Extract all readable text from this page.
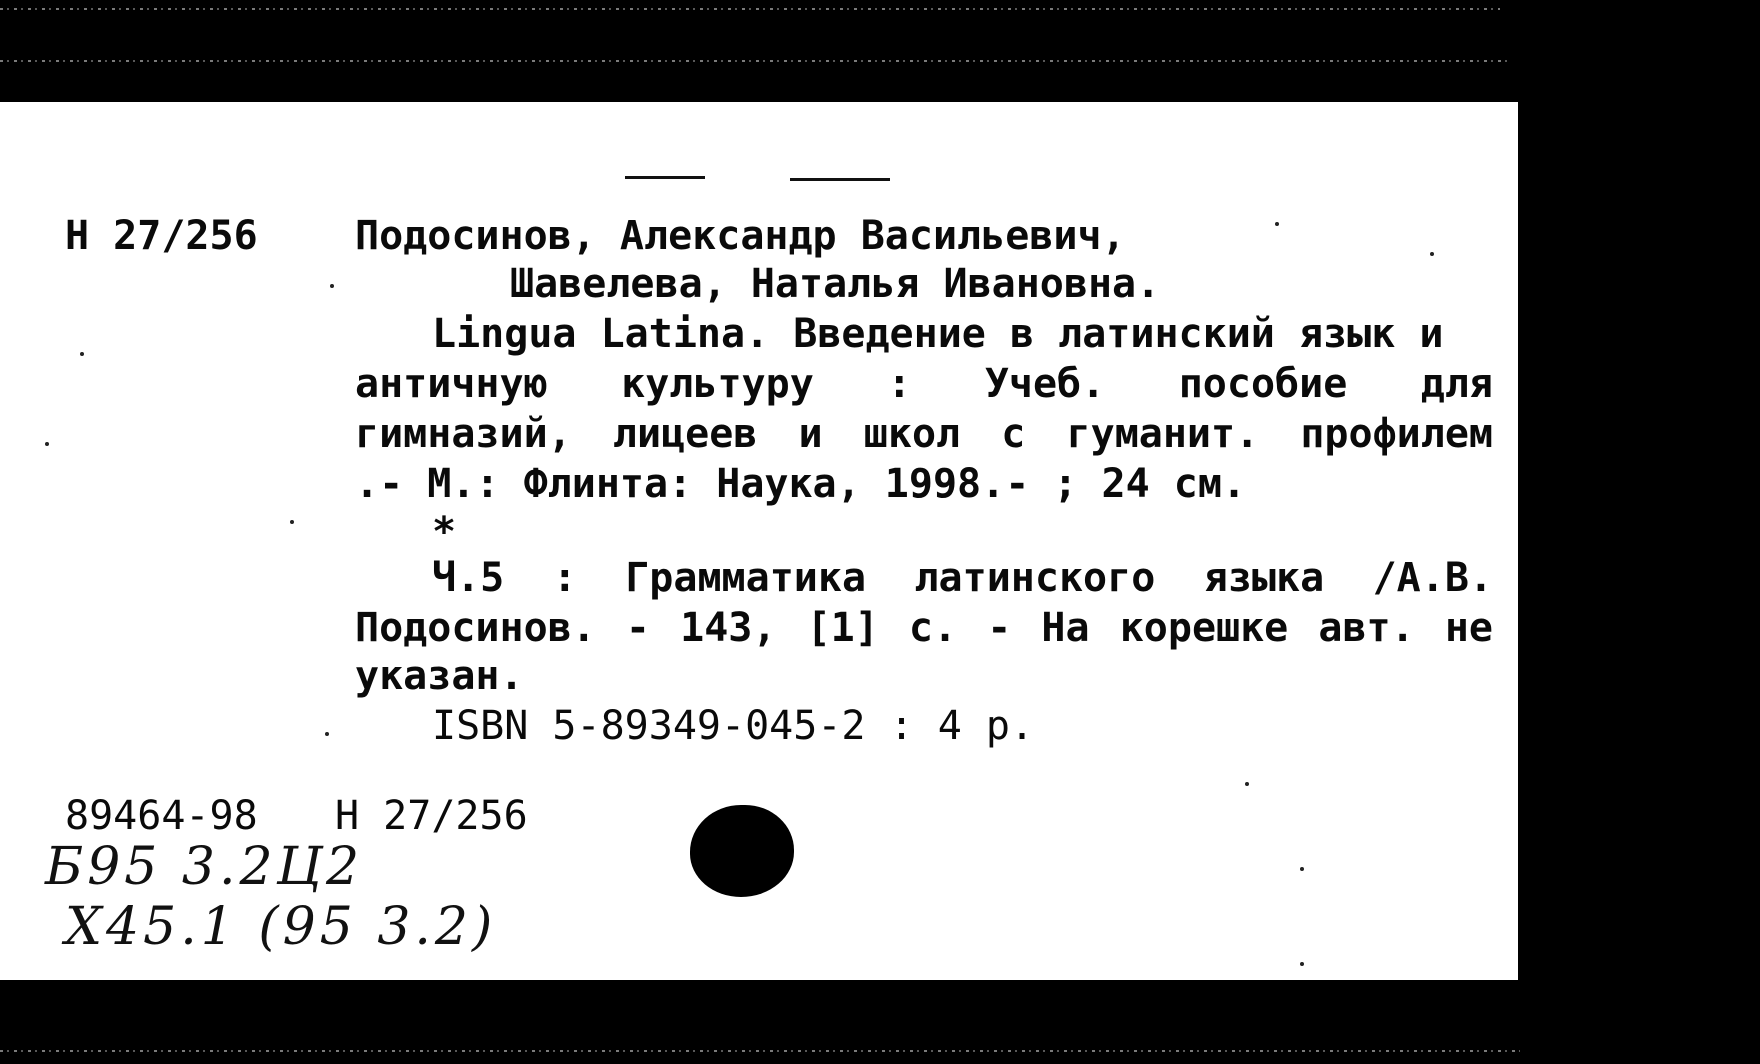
Н 27/256 Подосинов, Александр Васильевич,
Шавелева, Наталья Ивановна.
Lingua Latina. Введение в латинский язык и
античную культуру : Учеб. пособие для
гимназий, лицеев и школ с гуманит. профилем
.- М.: Флинта: Наука, 1998.- ; 24 см.
*
Ч.5 : Грамматика латинского языка /А.В.
Подосинов. - 143, [1] с. - На корешке авт. не
указан.
ISBN 5-89349-045-2 : 4 р.
89464-98 Н 27/256
Б95 3.2Ц2
Х45.1 (95 3.2)
